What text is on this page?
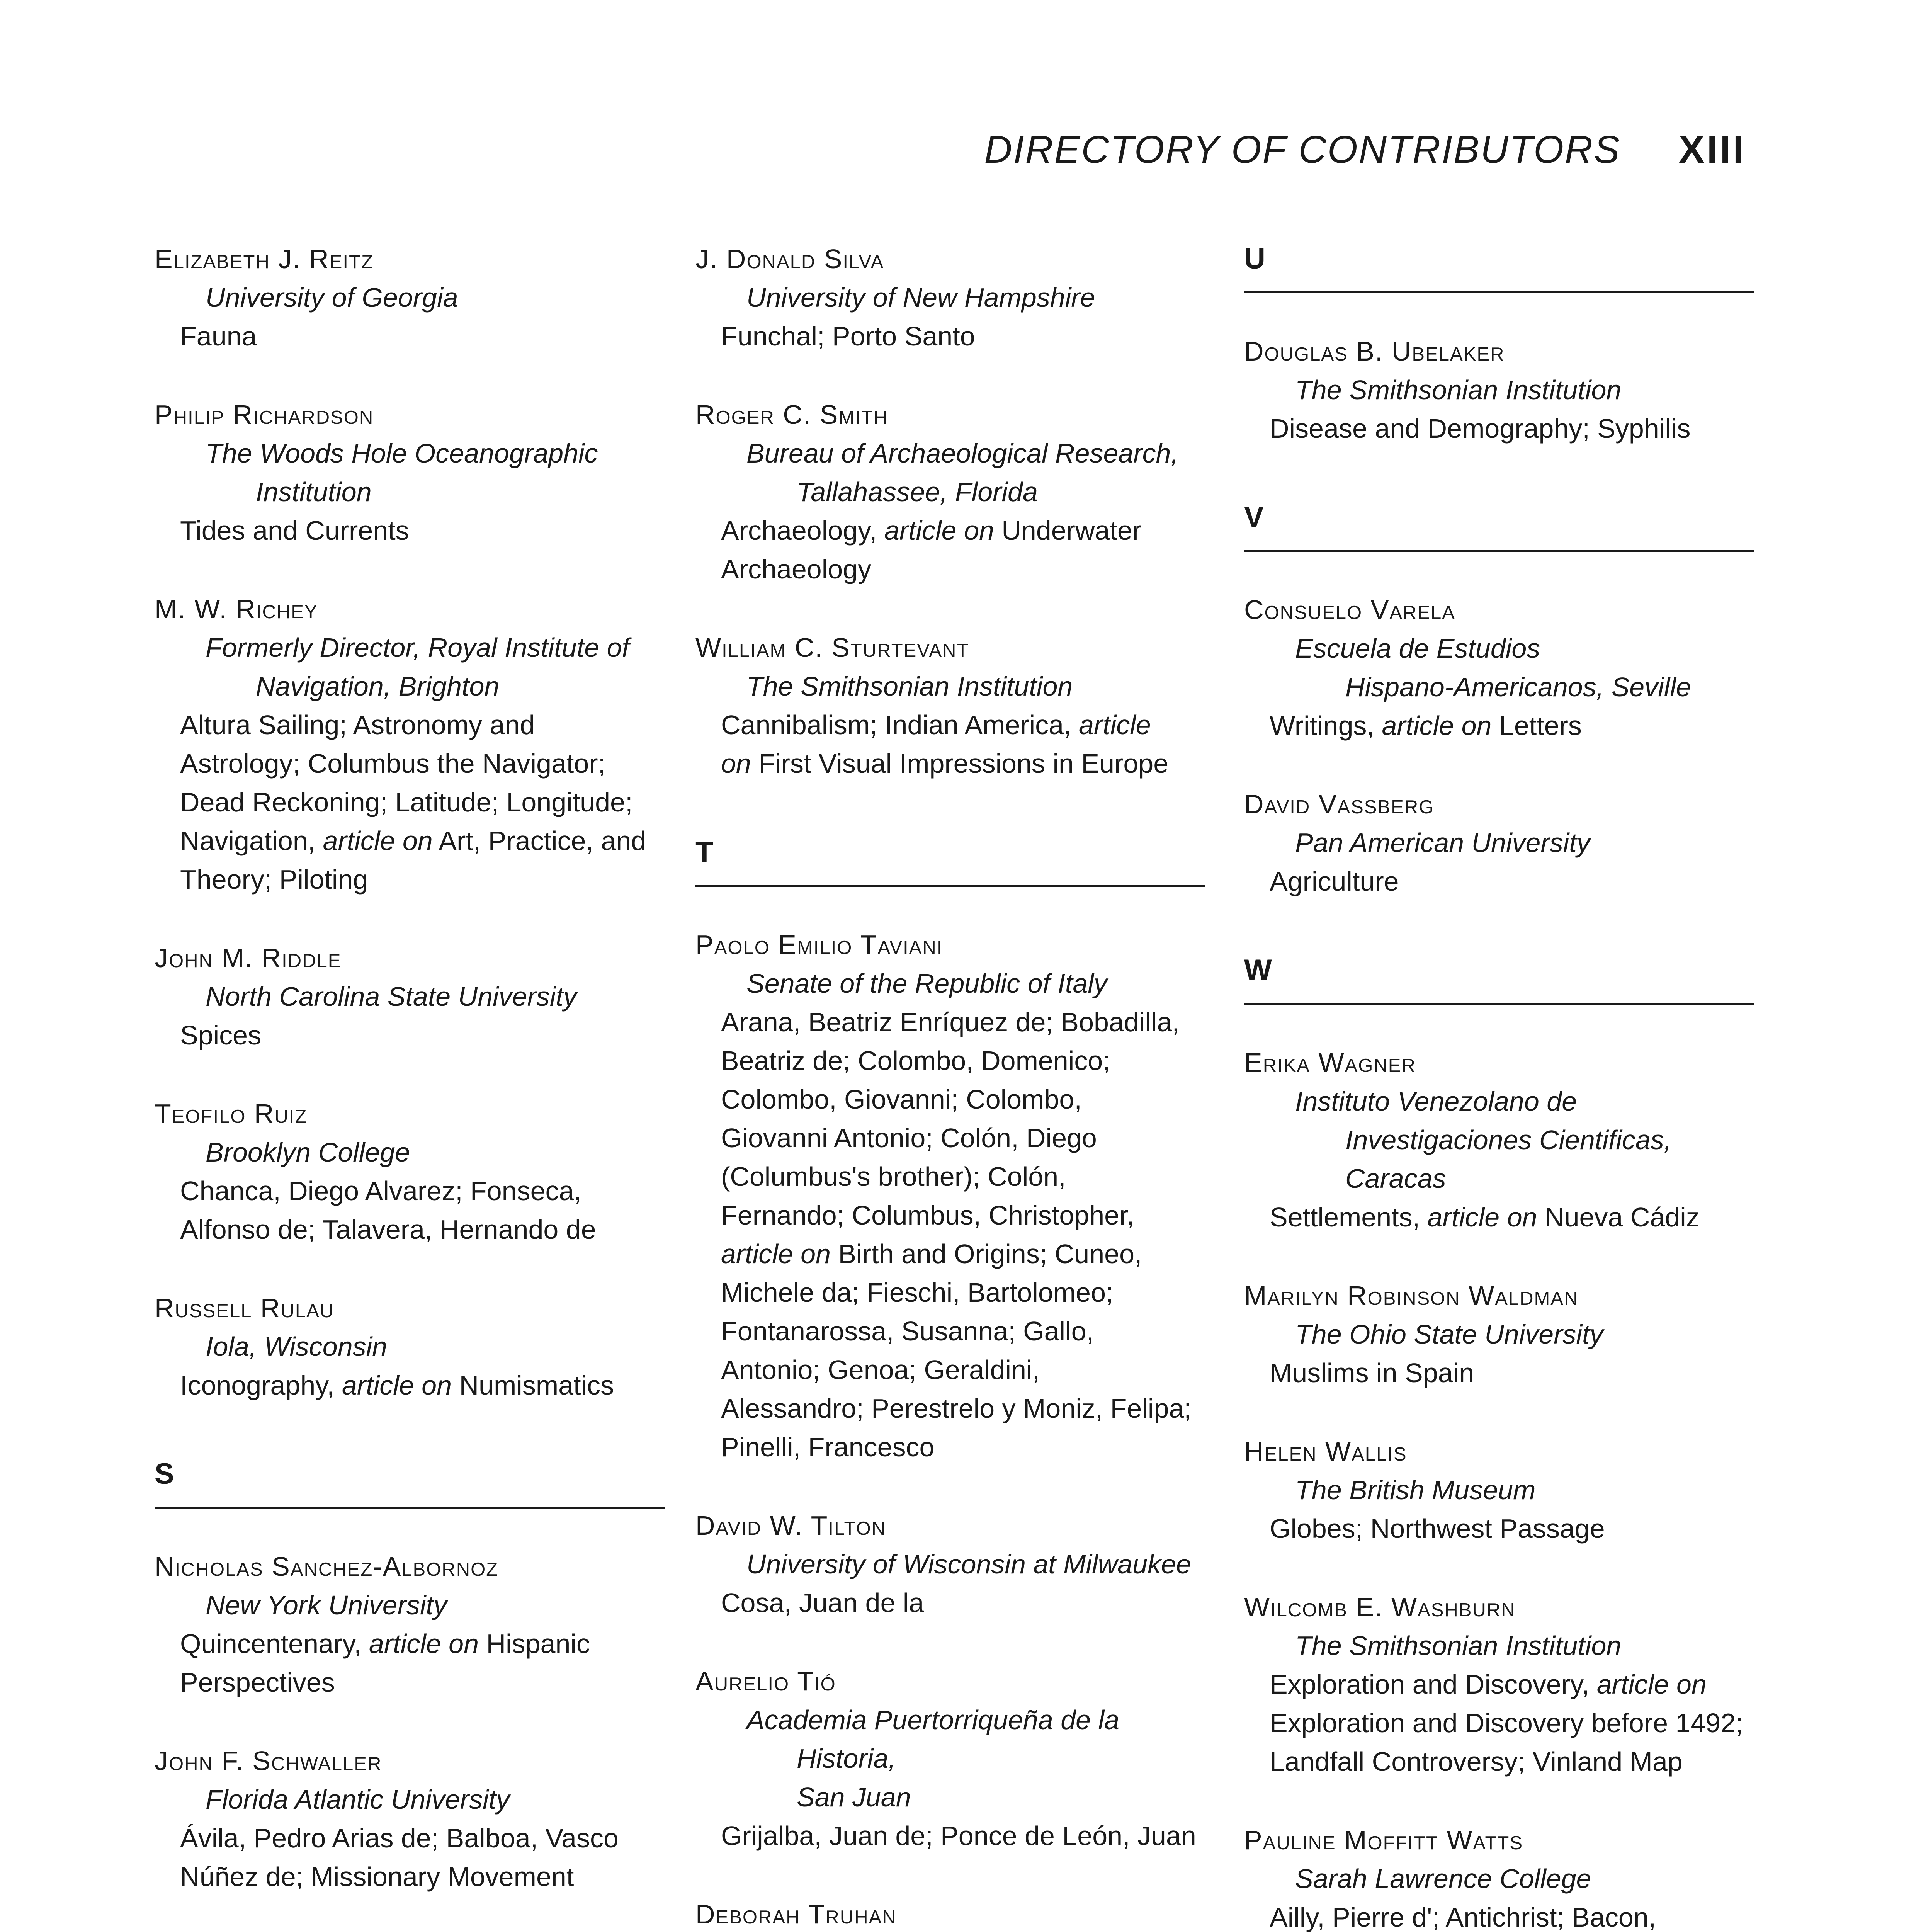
DIRECTORY OF CONTRIBUTORS XIII
Elizabeth J. Reitz
University of Georgia
Fauna
Philip Richardson
The Woods Hole Oceanographic
Institution
Tides and Currents
M. W. Richey
Formerly Director, Royal Institute of
Navigation, Brighton
Altura Sailing; Astronomy and
Astrology; Columbus the Navigator;
Dead Reckoning; Latitude; Longitude;
Navigation, article on Art, Practice, and
Theory; Piloting
John M. Riddle
North Carolina State University
Spices
Teofilo Ruiz
Brooklyn College
Chanca, Diego Alvarez; Fonseca,
Alfonso de; Talavera, Hernando de
Russell Rulau
Iola, Wisconsin
Iconography, article on Numismatics
S
Nicholas Sanchez-Albornoz
New York University
Quincentenary, article on Hispanic
Perspectives
John F. Schwaller
Florida Atlantic University
Ávila, Pedro Arias de; Balboa, Vasco
Núñez de; Missionary Movement
J. Donald Silva
University of New Hampshire
Funchal; Porto Santo
Roger C. Smith
Bureau of Archaeological Research,
Tallahassee, Florida
Archaeology, article on Underwater
Archaeology
William C. Sturtevant
The Smithsonian Institution
Cannibalism; Indian America, article
on First Visual Impressions in Europe
T
Paolo Emilio Taviani
Senate of the Republic of Italy
Arana, Beatriz Enríquez de; Bobadilla,
Beatriz de; Colombo, Domenico;
Colombo, Giovanni; Colombo,
Giovanni Antonio; Colón, Diego
(Columbus's brother); Colón,
Fernando; Columbus, Christopher,
article on Birth and Origins; Cuneo,
Michele da; Fieschi, Bartolomeo;
Fontanarossa, Susanna; Gallo,
Antonio; Genoa; Geraldini,
Alessandro; Perestrelo y Moniz, Felipa;
Pinelli, Francesco
David W. Tilton
University of Wisconsin at Milwaukee
Cosa, Juan de la
Aurelio Tió
Academia Puertorriqueña de la Historia,
San Juan
Grijalba, Juan de; Ponce de León, Juan
Deborah Truhan
U
Douglas B. Ubelaker
The Smithsonian Institution
Disease and Demography; Syphilis
V
Consuelo Varela
Escuela de Estudios
Hispano-Americanos, Seville
Writings, article on Letters
David Vassberg
Pan American University
Agriculture
W
Erika Wagner
Instituto Venezolano de
Investigaciones Cientificas, Caracas
Settlements, article on Nueva Cádiz
Marilyn Robinson Waldman
The Ohio State University
Muslims in Spain
Helen Wallis
The British Museum
Globes; Northwest Passage
Wilcomb E. Washburn
The Smithsonian Institution
Exploration and Discovery, article on
Exploration and Discovery before 1492;
Landfall Controversy; Vinland Map
Pauline Moffitt Watts
Sarah Lawrence College
Ailly, Pierre d'; Antichrist; Bacon,
